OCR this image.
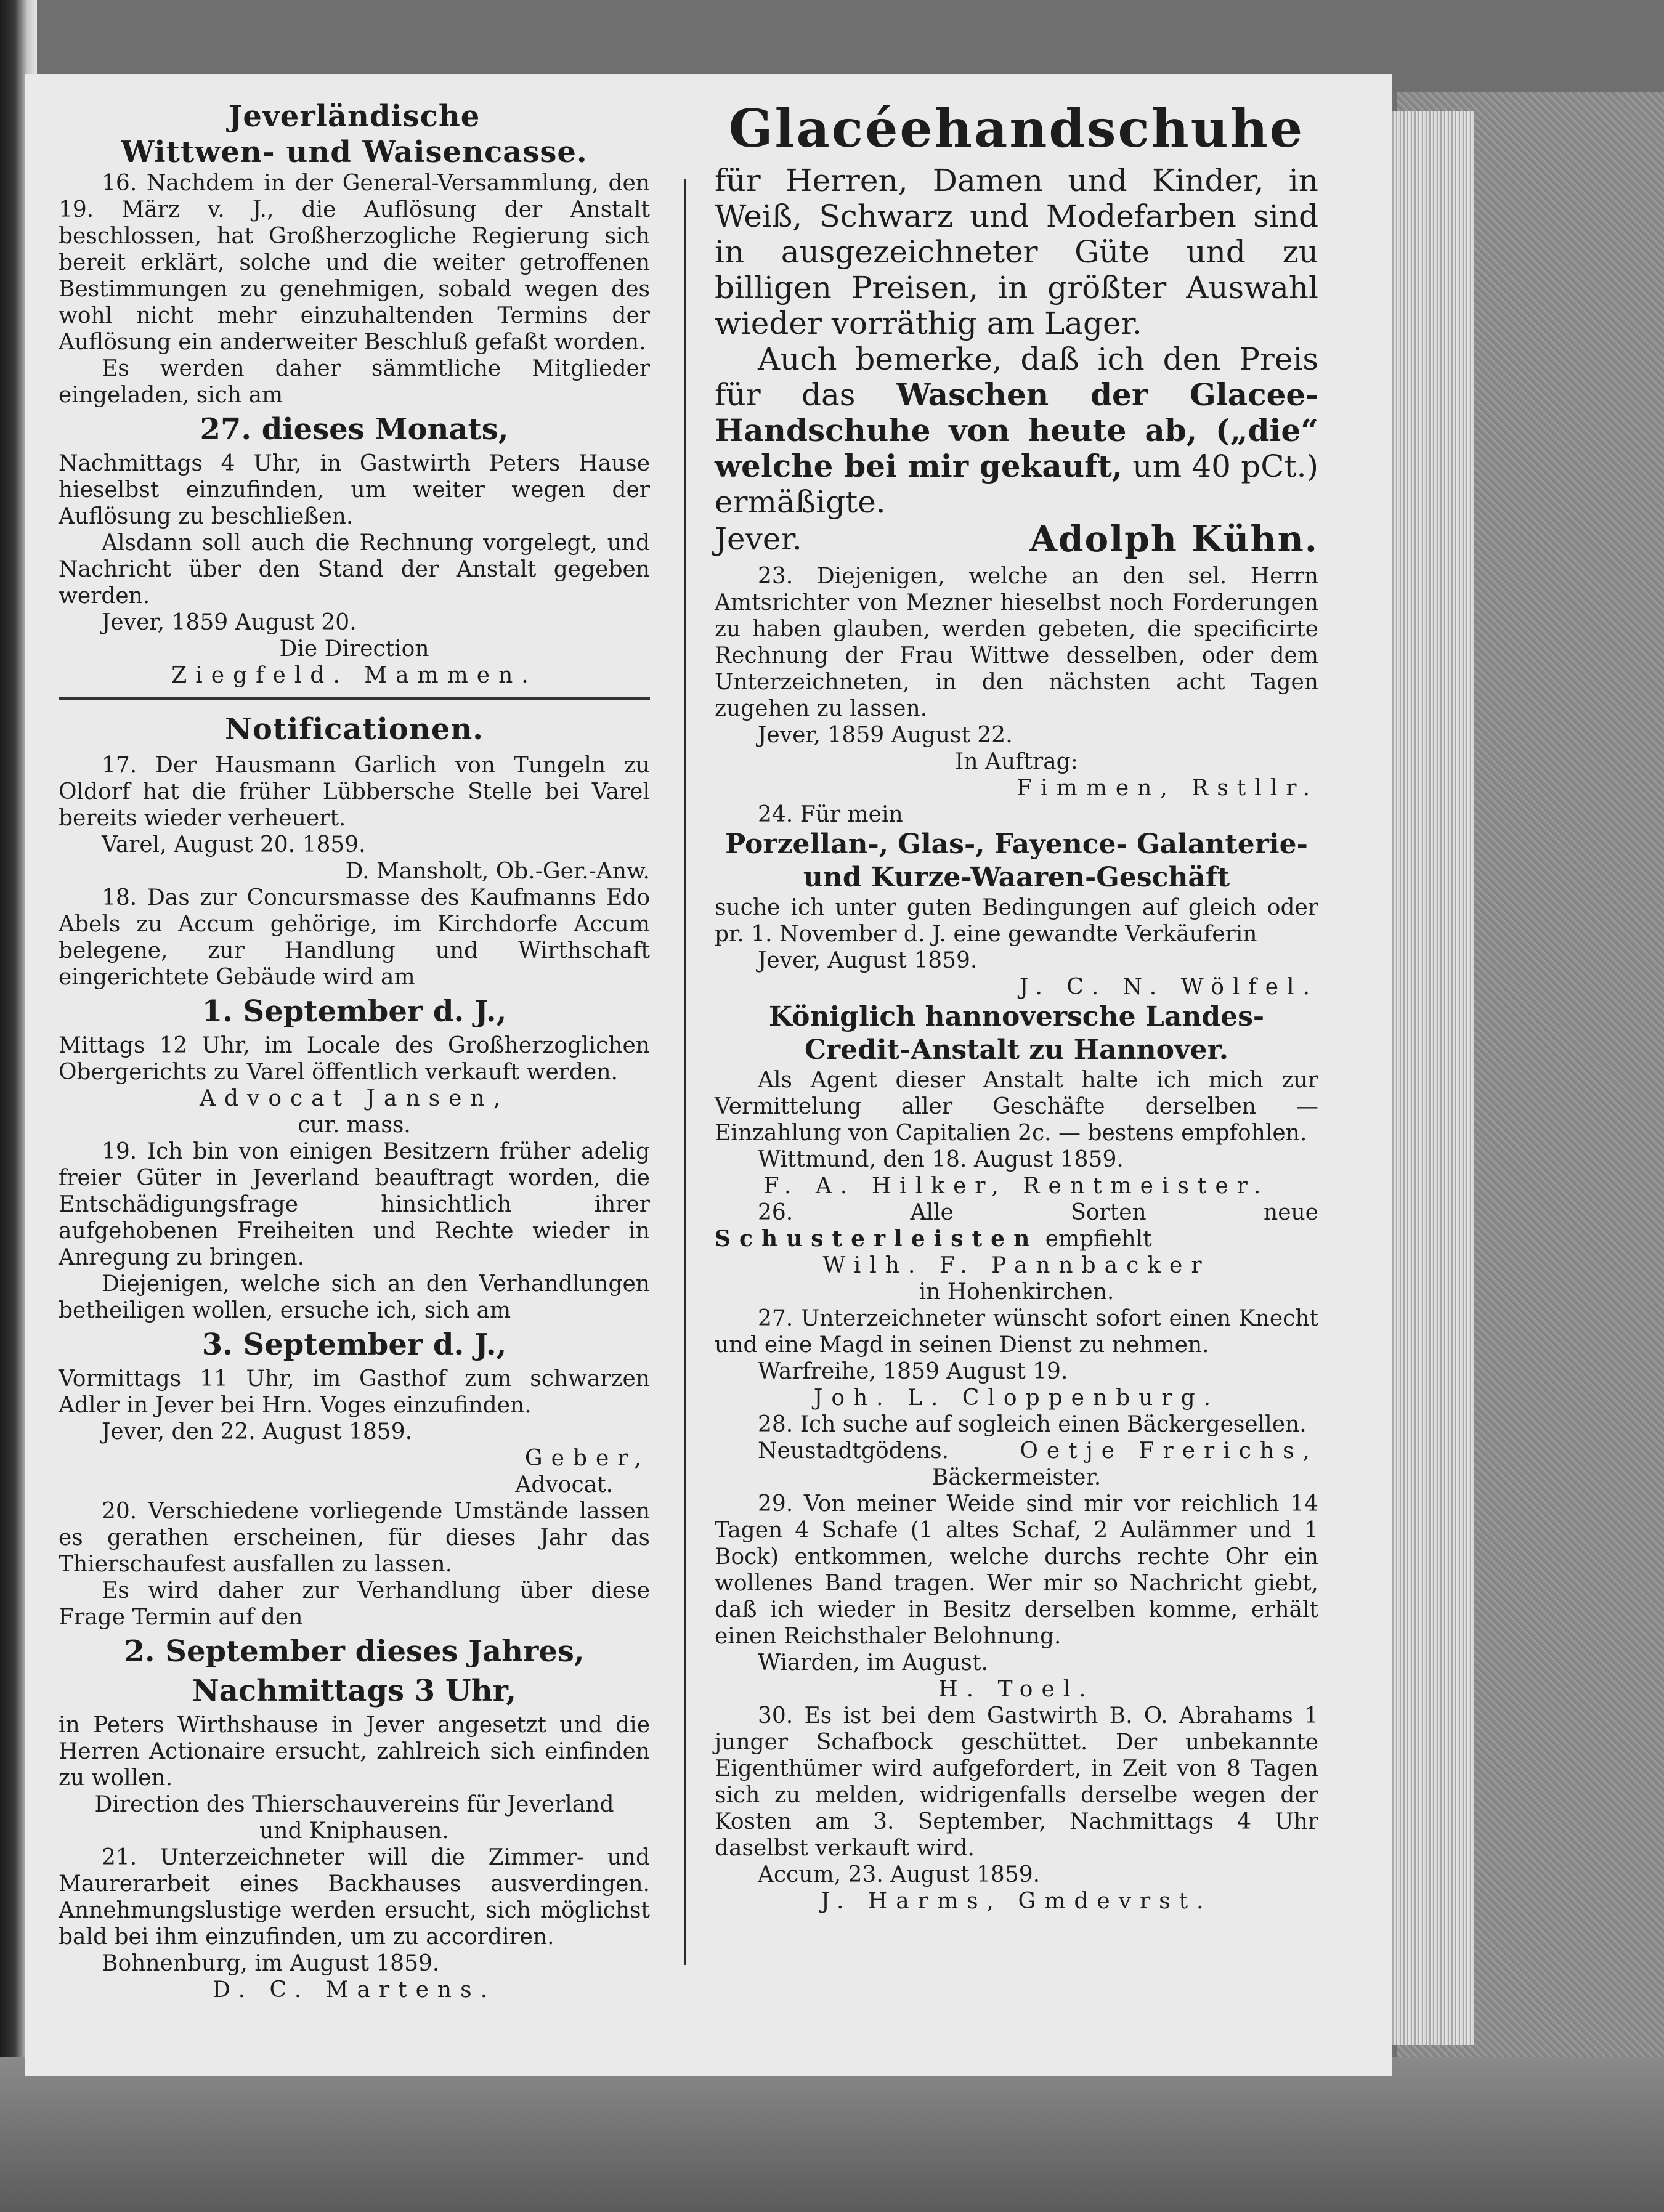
Jeverländische

Wittwen- und Waisencasse.

16. Nachdem in der General-Versammlung, den 19. März v. J., die Auflösung der Anstalt beschlossen, hat Großherzogliche Regierung sich bereit erklärt, solche und die weiter getroffenen Bestimmungen zu genehmigen, sobald wegen des wohl nicht mehr einzuhaltenden Termins der Auflösung ein anderweiter Beschluß gefaßt worden.

Es werden daher sämmtliche Mitglieder eingeladen, sich am

27. dieses Monats,

Nachmittags 4 Uhr, in Gastwirth Peters Hause hieselbst einzufinden, um weiter wegen der Auflösung zu beschließen.

Alsdann soll auch die Rechnung vorgelegt, und Nachricht über den Stand der Anstalt gegeben werden.

Jever, 1859 August 20.

Die Direction

Ziegfeld. Mammen.

Notificationen.

17. Der Hausmann Garlich von Tungeln zu Oldorf hat die früher Lübbersche Stelle bei Varel bereits wieder verheuert.

Varel, August 20. 1859.

D. Mansholt, Ob.-Ger.-Anw.

18. Das zur Concursmasse des Kaufmanns Edo Abels zu Accum gehörige, im Kirchdorfe Accum belegene, zur Handlung und Wirthschaft eingerichtete Gebäude wird am

1. September d. J.,

Mittags 12 Uhr, im Locale des Großherzoglichen Obergerichts zu Varel öffentlich verkauft werden.

Advocat Jansen,

cur. mass.

19. Ich bin von einigen Besitzern früher adelig freier Güter in Jeverland beauftragt worden, die Entschädigungsfrage hinsichtlich ihrer aufgehobenen Freiheiten und Rechte wieder in Anregung zu bringen.

Diejenigen, welche sich an den Verhandlungen betheiligen wollen, ersuche ich, sich am

3. September d. J.,

Vormittags 11 Uhr, im Gasthof zum schwarzen Adler in Jever bei Hrn. Voges einzufinden.

Jever, den 22. August 1859.

Geber,

Advocat.

20. Verschiedene vorliegende Umstände lassen es gerathen erscheinen, für dieses Jahr das Thierschaufest ausfallen zu lassen.

Es wird daher zur Verhandlung über diese Frage Termin auf den

2. September dieses Jahres,

Nachmittags 3 Uhr,

in Peters Wirthshause in Jever angesetzt und die Herren Actionaire ersucht, zahlreich sich einfinden zu wollen.

Direction des Thierschauvereins für Jeverland

und Kniphausen.

21. Unterzeichneter will die Zimmer- und Maurerarbeit eines Backhauses ausverdingen. Annehmungslustige werden ersucht, sich möglichst bald bei ihm einzufinden, um zu accordiren.

Bohnenburg, im August 1859.

D. C. Martens.

Glacéehandschuhe

für Herren, Damen und Kinder, in Weiß, Schwarz und Modefarben sind in ausgezeichneter Güte und zu billigen Preisen, in größter Auswahl wieder vorräthig am Lager.

Auch bemerke, daß ich den Preis für das Waschen der Glacee-Handschuhe von heute ab, („die“ welche bei mir gekauft, um 40 pCt.) ermäßigte.

Jever.	Adolph Kühn.

23. Diejenigen, welche an den sel. Herrn Amtsrichter von Mezner hieselbst noch Forderungen zu haben glauben, werden gebeten, die specificirte Rechnung der Frau Wittwe desselben, oder dem Unterzeichneten, in den nächsten acht Tagen zugehen zu lassen.

Jever, 1859 August 22.

In Auftrag:

Fimmen, Rstllr.

24. Für mein

Porzellan-, Glas-, Fayence- Galanterie- und Kurze-Waaren-Geschäft

suche ich unter guten Bedingungen auf gleich oder pr. 1. November d. J. eine gewandte Verkäuferin

Jever, August 1859.

J. C. N. Wölfel.

Königlich hannoversche Landes-

Credit-Anstalt zu Hannover.

Als Agent dieser Anstalt halte ich mich zur Vermittelung aller Geschäfte derselben — Einzahlung von Capitalien 2c. — bestens empfohlen.

Wittmund, den 18. August 1859.

F. A. Hilker, Rentmeister.

26. Alle Sorten neue Schusterleisten empfiehlt

Wilh. F. Pannbacker

in Hohenkirchen.

27. Unterzeichneter wünscht sofort einen Knecht und eine Magd in seinen Dienst zu nehmen.

Warfreihe, 1859 August 19.

Joh. L. Cloppenburg.

28. Ich suche auf sogleich einen Bäckergesellen.

Neustadtgödens.	Oetje Frerichs,

Bäckermeister.

29. Von meiner Weide sind mir vor reichlich 14 Tagen 4 Schafe (1 altes Schaf, 2 Aulämmer und 1 Bock) entkommen, welche durchs rechte Ohr ein wollenes Band tragen. Wer mir so Nachricht giebt, daß ich wieder in Besitz derselben komme, erhält einen Reichsthaler Belohnung.

Wiarden, im August.

H. Toel.

30. Es ist bei dem Gastwirth B. O. Abrahams 1 junger Schafbock geschüttet. Der unbekannte Eigenthümer wird aufgefordert, in Zeit von 8 Tagen sich zu melden, widrigenfalls derselbe wegen der Kosten am 3. September, Nachmittags 4 Uhr daselbst verkauft wird.

Accum, 23. August 1859.

J. Harms, Gmdevrst.
